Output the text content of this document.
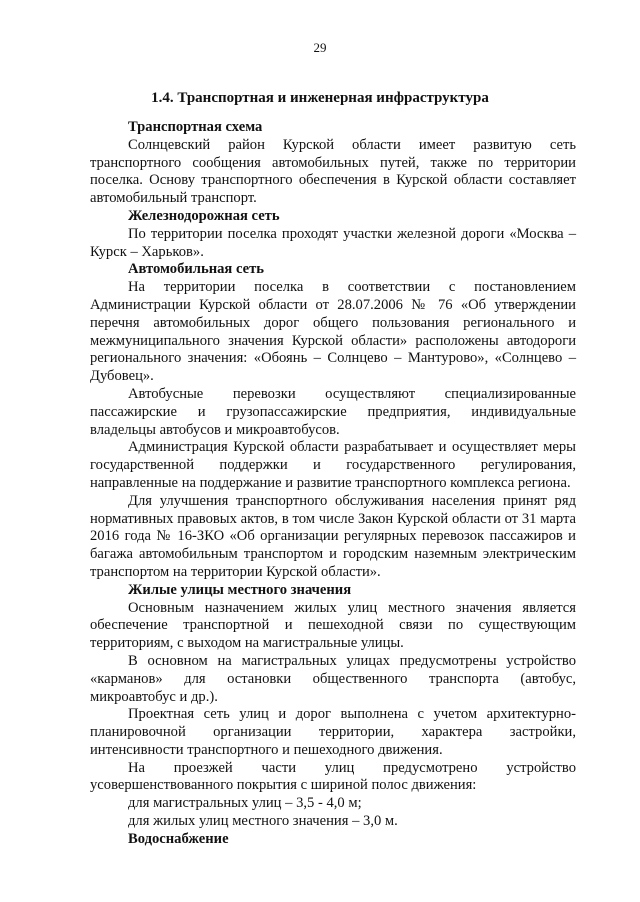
29
1.4. Транспортная и инженерная инфраструктура
Транспортная схема

Солнцевский район Курской области имеет развитую сеть транспортного сообщения автомобильных путей, также по территории поселка. Основу транспортного обеспечения в Курской области составляет автомобильный транспорт.

Железнодорожная сеть

По территории поселка проходят участки железной дороги «Москва – Курск – Харьков».

Автомобильная сеть

На территории поселка в соответствии с постановлением Администрации Курской области от 28.07.2006 № 76 «Об утверждении перечня автомобильных дорог общего пользования регионального и межмуниципального значения Курской области» расположены автодороги регионального значения: «Обоянь – Солнцево – Мантурово», «Солнцево – Дубовец».

Автобусные перевозки осуществляют специализированные пассажирские и грузопассажирские предприятия, индивидуальные владельцы автобусов и микроавтобусов.

Администрация Курской области разрабатывает и осуществляет меры государственной поддержки и государственного регулирования, направленные на поддержание и развитие транспортного комплекса региона.

Для улучшения транспортного обслуживания населения принят ряд нормативных правовых актов, в том числе Закон Курской области от 31 марта 2016 года № 16-ЗКО «Об организации регулярных перевозок пассажиров и багажа автомобильным транспортом и городским наземным электрическим транспортом на территории Курской области».

Жилые улицы местного значения

Основным назначением жилых улиц местного значения является обеспечение транспортной и пешеходной связи по существующим территориям, с выходом на магистральные улицы.

В основном на магистральных улицах предусмотрены устройство «карманов» для остановки общественного транспорта (автобус, микроавтобус и др.).

Проектная сеть улиц и дорог выполнена с учетом архитектурно-планировочной организации территории, характера застройки, интенсивности транспортного и пешеходного движения.

На проезжей части улиц предусмотрено устройство усовершенствованного покрытия с шириной полос движения:

для магистральных улиц – 3,5 - 4,0 м;
для жилых улиц местного значения – 3,0 м.
Водоснабжение
